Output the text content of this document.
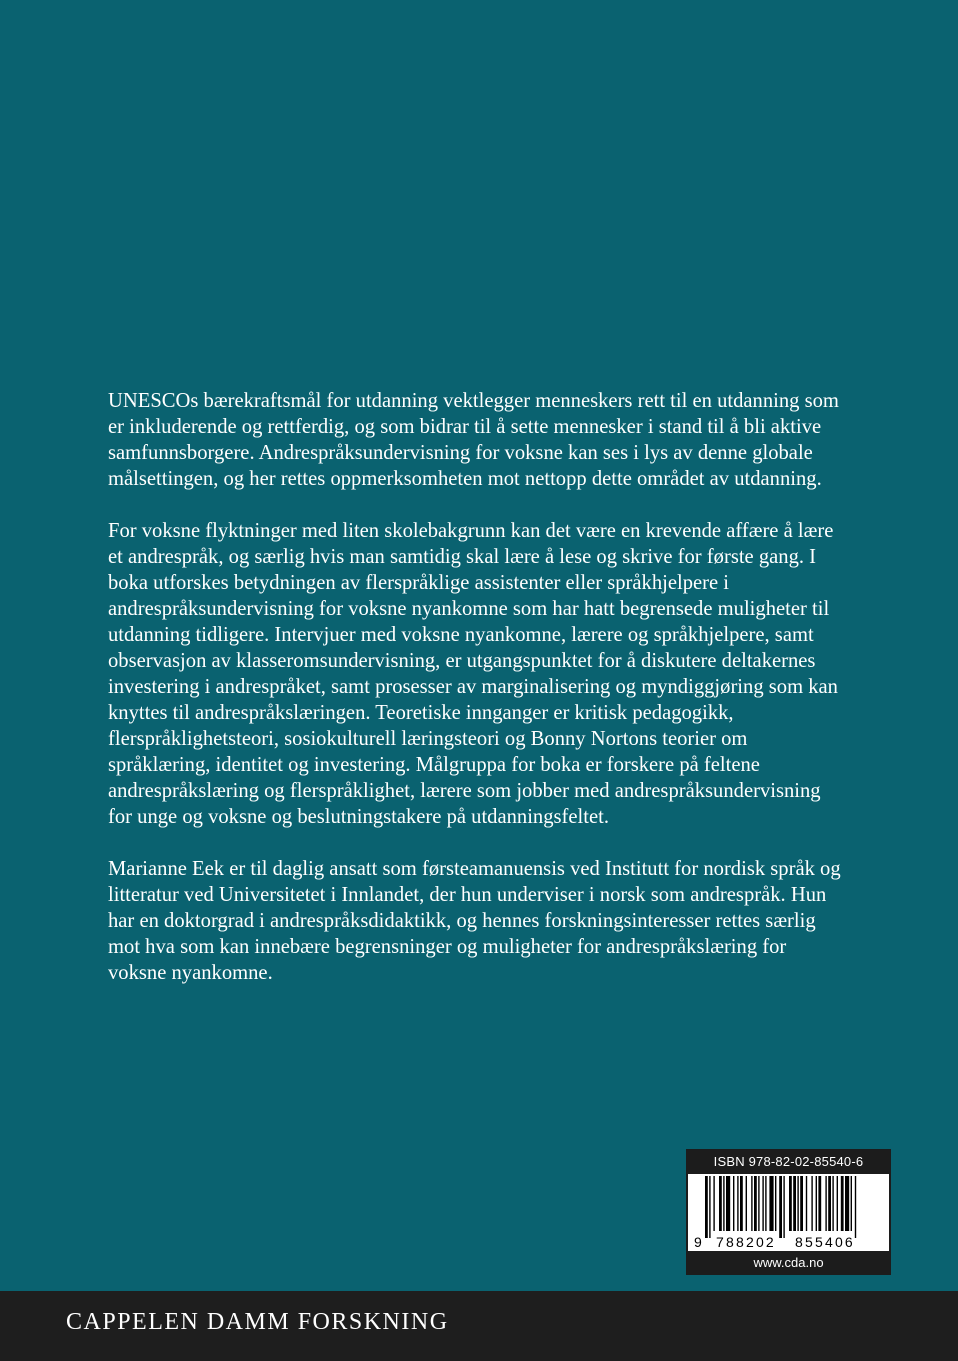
UNESCOs bærekraftsmål for utdanning vektlegger menneskers rett til en utdanning som er inkluderende og rettferdig, og som bidrar til å sette mennesker i stand til å bli aktive samfunnsborgere. Andrespråksundervisning for voksne kan ses i lys av denne globale målsettingen, og her rettes oppmerksomheten mot nettopp dette området av utdanning.

For voksne flyktninger med liten skolebakgrunn kan det være en krevende affære å lære et andrespråk, og særlig hvis man samtidig skal lære å lese og skrive for første gang. I boka utforskes betydningen av flerspråklige assistenter eller språkhjelpere i andrespråksundervisning for voksne nyankomne som har hatt begrensede muligheter til utdanning tidligere. Intervjuer med voksne nyankomne, lærere og språkhjelpere, samt observasjon av klasseromsundervisning, er utgangspunktet for å diskutere deltakernes investering i andrespråket, samt prosesser av marginalisering og myndiggjøring som kan knyttes til andrespråkslæringen. Teoretiske innganger er kritisk pedagogikk, flerspråklighetsteori, sosiokulturell læringsteori og Bonny Nortons teorier om språklæring, identitet og investering. Målgruppa for boka er forskere på feltene andrespråkslæring og flerspråklighet, lærere som jobber med andrespråksundervisning for unge og voksne og beslutningstakere på utdanningsfeltet.

Marianne Eek er til daglig ansatt som førsteamanuensis ved Institutt for nordisk språk og litteratur ved Universitetet i Innlandet, der hun underviser i norsk som andrespråk. Hun har en doktorgrad i andrespråksdidaktikk, og hennes forskningsinteresser rettes særlig mot hva som kan innebære begrensninger og muligheter for andrespråkslæring for voksne nyankomne.

ISBN 978-82-02-85540-6
9 788202 855406
www.cda.no
CAPPELEN DAMM FORSKNING
